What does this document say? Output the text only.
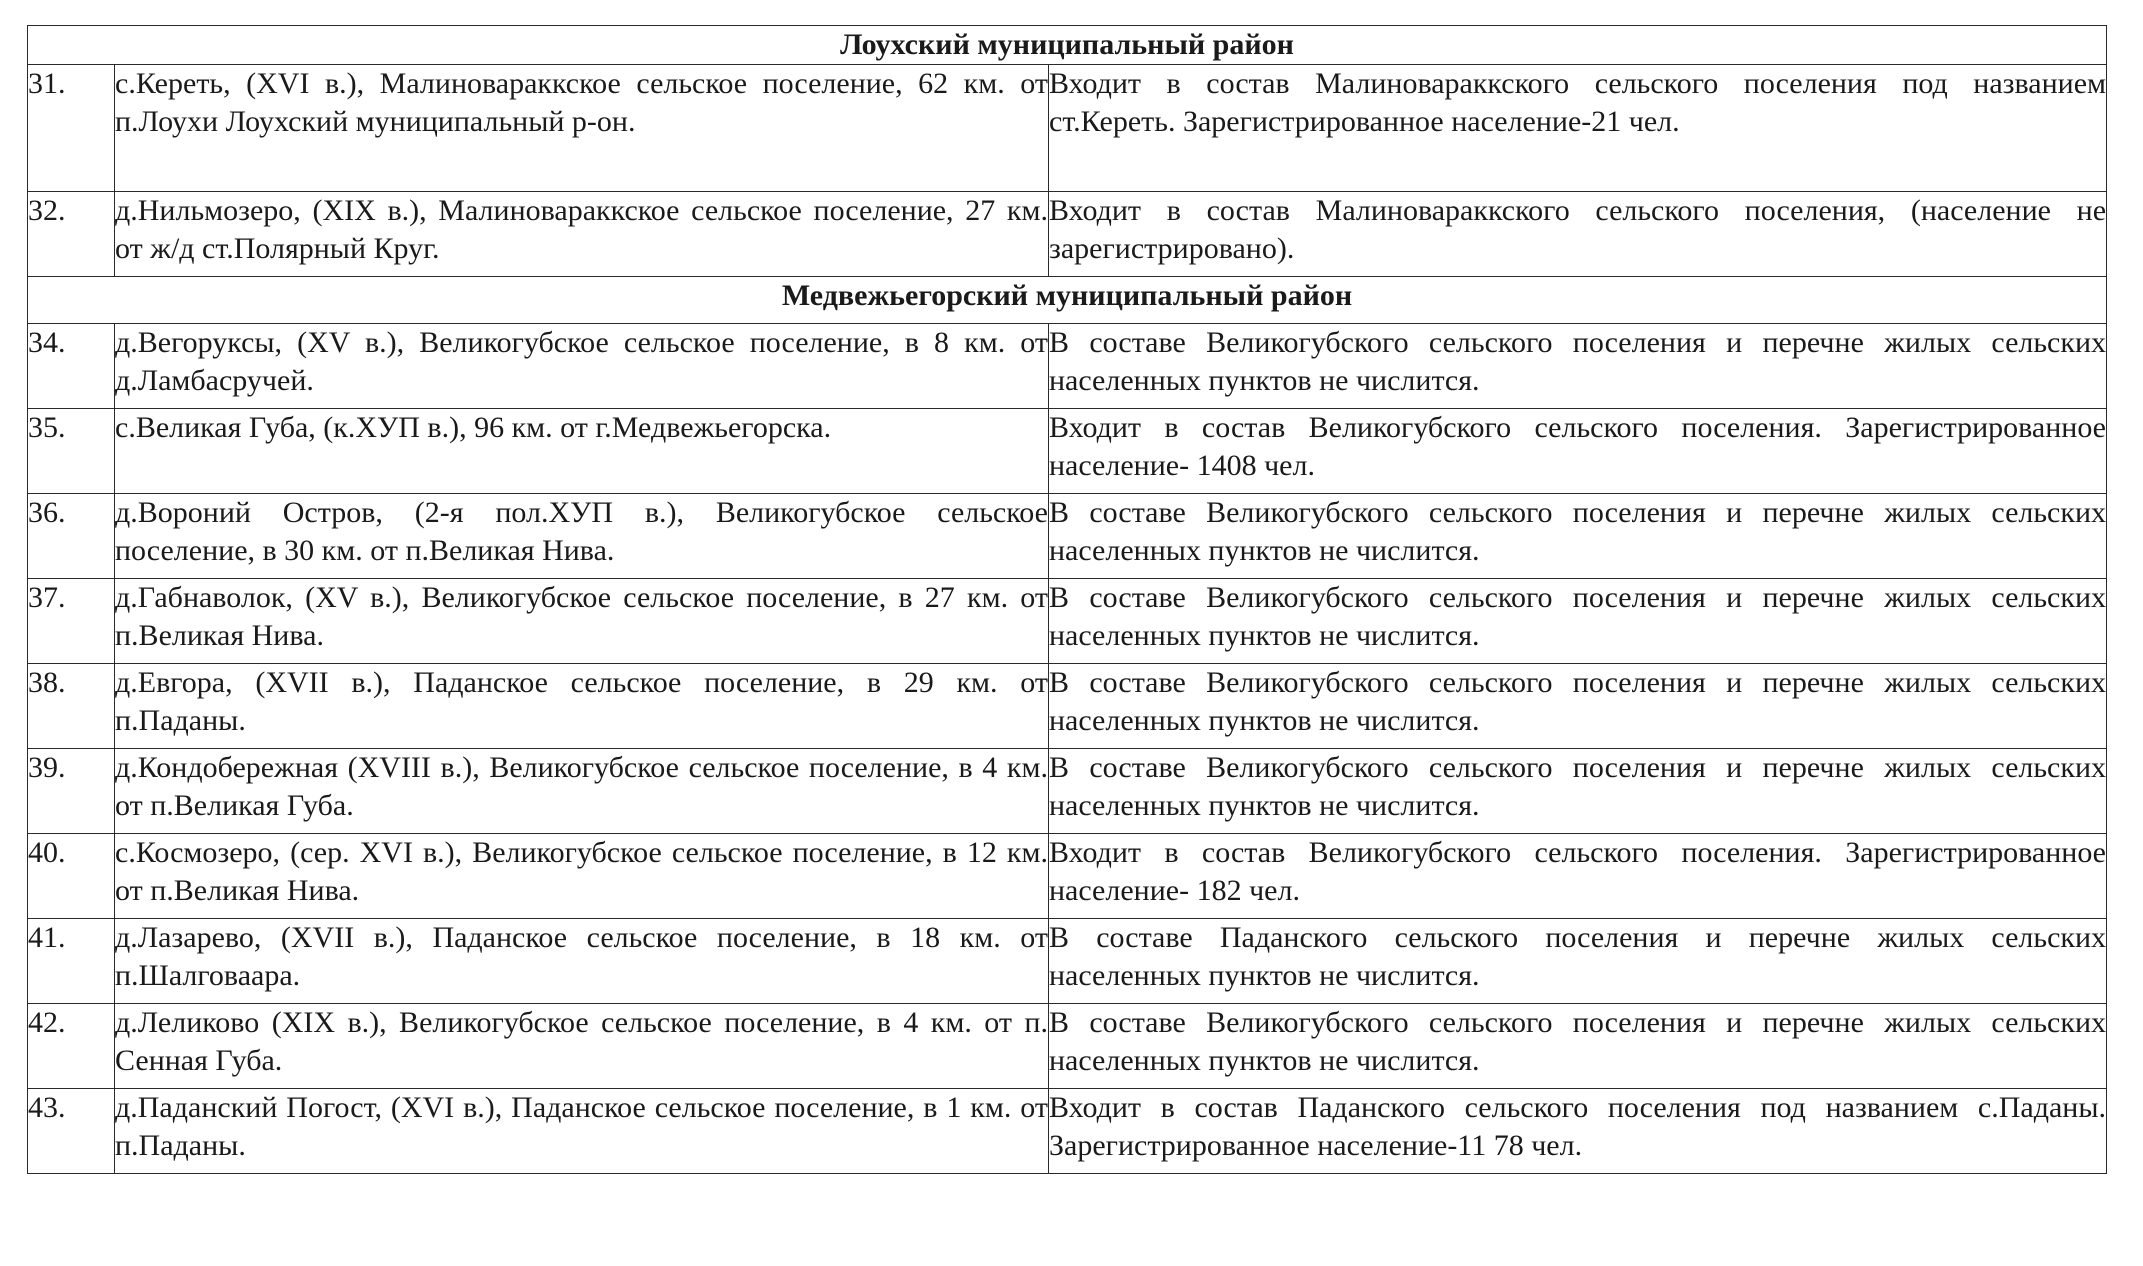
Лоухский муниципальный район		
31.	с.Кереть, (XVI в.), Малиновараккское сельское поселение, 62 км. от п.Лоухи Лоухский муниципальный р-он.	Входит в состав Малиновараккского сельского поселения под названием ст.Кереть. Зарегистрированное население-21 чел.
32.	д.Нильмозеро, (XIX в.), Малиновараккское сельское поселение, 27 км. от ж/д ст.Полярный Круг.	Входит в состав Малиновараккского сельского поселения, (население не зарегистрировано).
Медвежьегорский муниципальный район		
34.	д.Вегоруксы, (XV в.), Великогубское сельское поселение, в 8 км. от д.Ламбасручей.	В составе Великогубского сельского поселения и перечне жилых сельских населенных пунктов не числится.
35.	с.Великая Губа, (к.ХУП в.), 96 км. от г.Медвежьегорска.	Входит в состав Великогубского сельского поселения. Зарегистрированное население- 1408 чел.
36.	д.Вороний Остров, (2-я пол.ХУП в.), Великогубское сельское поселение, в 30 км. от п.Великая Нива.	В составе Великогубского сельского поселения и перечне жилых сельских населенных пунктов не числится.
37.	д.Габнаволок, (XV в.), Великогубское сельское поселение, в 27 км. от п.Великая Нива.	В составе Великогубского сельского поселения и перечне жилых сельских населенных пунктов не числится.
38.	д.Евгора, (XVII в.), Паданское сельское поселение, в 29 км. от п.Паданы.	В составе Великогубского сельского поселения и перечне жилых сельских населенных пунктов не числится.
39.	д.Кондобережная (XVIII в.), Великогубское сельское поселение, в 4 км. от п.Великая Губа.	В составе Великогубского сельского поселения и перечне жилых сельских населенных пунктов не числится.
40.	с.Космозеро, (сер. XVI в.), Великогубское сельское поселение, в 12 км. от п.Великая Нива.	Входит в состав Великогубского сельского поселения. Зарегистрированное население- 182 чел.
41.	д.Лазарево, (XVII в.), Паданское сельское поселение, в 18 км. от п.Шалговаара.	В составе Паданского сельского поселения и перечне жилых сельских населенных пунктов не числится.
42.	д.Леликово (XIX в.), Великогубское сельское поселение, в 4 км. от п. Сенная Губа.	В составе Великогубского сельского поселения и перечне жилых сельских населенных пунктов не числится.
43.	д.Паданский Погост, (XVI в.), Паданское сельское поселение, в 1 км. от п.Паданы.	Входит в состав Паданского сельского поселения под названием с.Паданы. Зарегистрированное население-11 78 чел.
